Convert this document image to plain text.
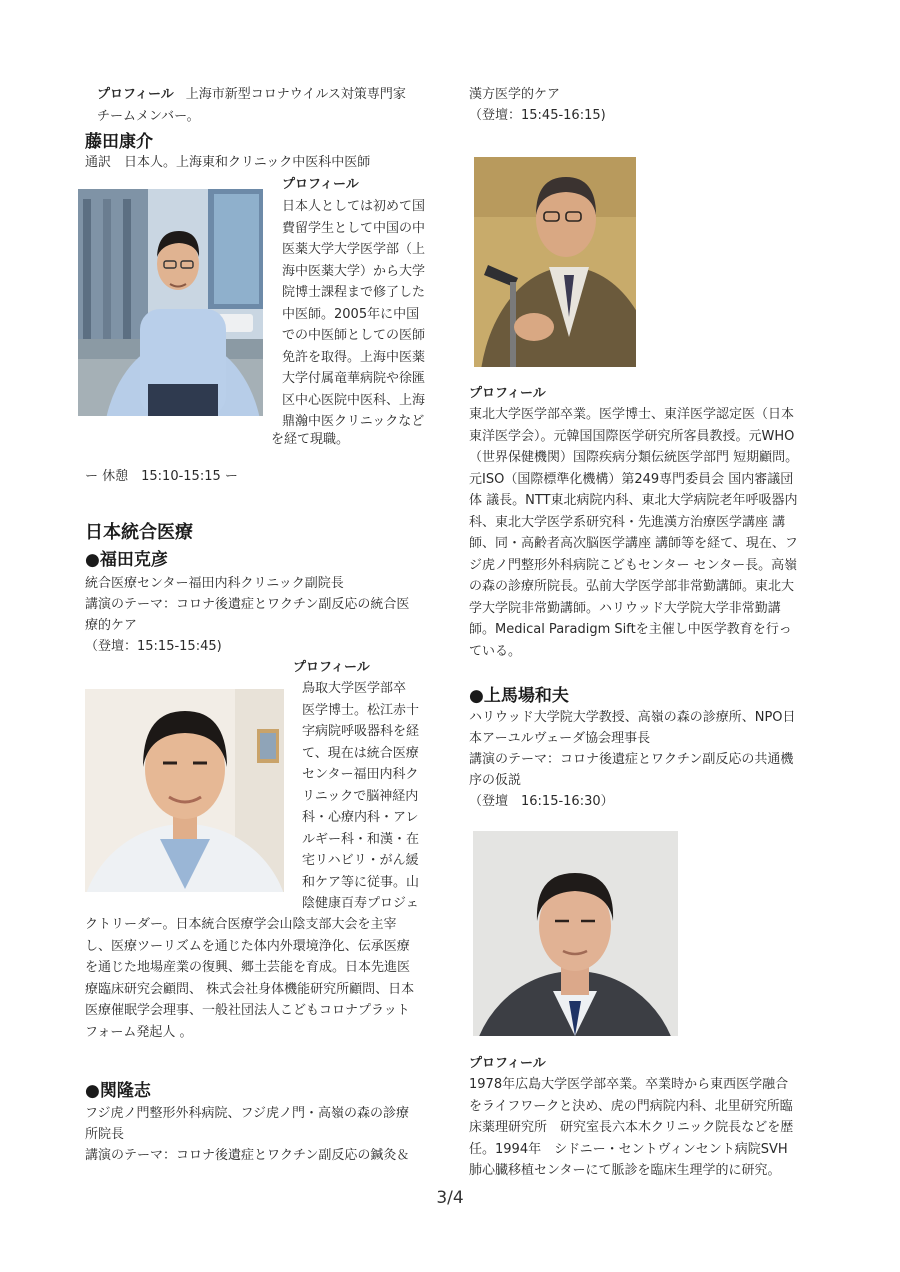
プロフィール 上海市新型コロナウイルス対策専門家
チームメンバー。
藤田康介
通訳　日本人。上海東和クリニック中医科中医師
プロフィール
日本人としては初めて国
費留学生として中国の中
医薬大学大学医学部（上
海中医薬大学）から大学
院博士課程まで修了した
中医師。2005年に中国
での中医師としての医師
免許を取得。上海中医薬
大学付属竜華病院や徐匯
区中心医院中医科、上海
鼎瀚中医クリニックなど
を経て現職。
ー 休憩　15:10-15:15 ー
日本統合医療
●福田克彦
統合医療センター福田内科クリニック副院長
講演のテーマ：コロナ後遺症とワクチン副反応の統合医
療的ケア
（登壇：15:15-15:45)
プロフィール
鳥取大学医学部卒
医学博士。松江赤十
字病院呼吸器科を経
て、現在は統合医療
センター福田内科ク
リニックで脳神経内
科・心療内科・アレ
ルギー科・和漢・在
宅リハビリ・がん緩
和ケア等に従事。山
陰健康百寿プロジェ
クトリーダー。日本統合医療学会山陰支部大会を主宰
し、医療ツーリズムを通じた体内外環境浄化、伝承医療
を通じた地場産業の復興、郷土芸能を育成。日本先進医
療臨床研究会顧問、 株式会社身体機能研究所顧問、日本
医療催眠学会理事、一般社団法人こどもコロナプラット
フォーム発起人 。
●関隆志
フジ虎ノ門整形外科病院、フジ虎ノ門・高嶺の森の診療
所院長
講演のテーマ：コロナ後遺症とワクチン副反応の鍼灸＆
漢方医学的ケア
（登壇：15:45-16:15)
プロフィール
東北大学医学部卒業。医学博士、東洋医学認定医（日本
東洋医学会）。元韓国国際医学研究所客員教授。元WHO
（世界保健機関）国際疾病分類伝統医学部門 短期顧問。
元ISO（国際標準化機構）第249専門委員会 国内審議団
体 議長。NTT東北病院内科、東北大学病院老年呼吸器内
科、東北大学医学系研究科・先進漢方治療医学講座 講
師、同・高齢者高次脳医学講座 講師等を経て、現在、フ
ジ虎ノ門整形外科病院こどもセンター センター長。高嶺
の森の診療所院長。弘前大学医学部非常勤講師。東北大
学大学院非常勤講師。ハリウッド大学院大学非常勤講
師。Medical Paradigm Siftを主催し中医学教育を行っ
ている。
●上馬場和夫
ハリウッド大学院大学教授、高嶺の森の診療所、NPO日
本アーユルヴェーダ協会理事長
講演のテーマ：コロナ後遺症とワクチン副反応の共通機
序の仮説
（登壇　16:15-16:30）
プロフィール
1978年広島大学医学部卒業。卒業時から東西医学融合
をライフワークと決め、虎の門病院内科、北里研究所臨
床薬理研究所　研究室長六本木クリニック院長などを歴
任。1994年　シドニー・セントヴィンセント病院SVH
肺心臓移植センターにて脈診を臨床生理学的に研究。
3/4
